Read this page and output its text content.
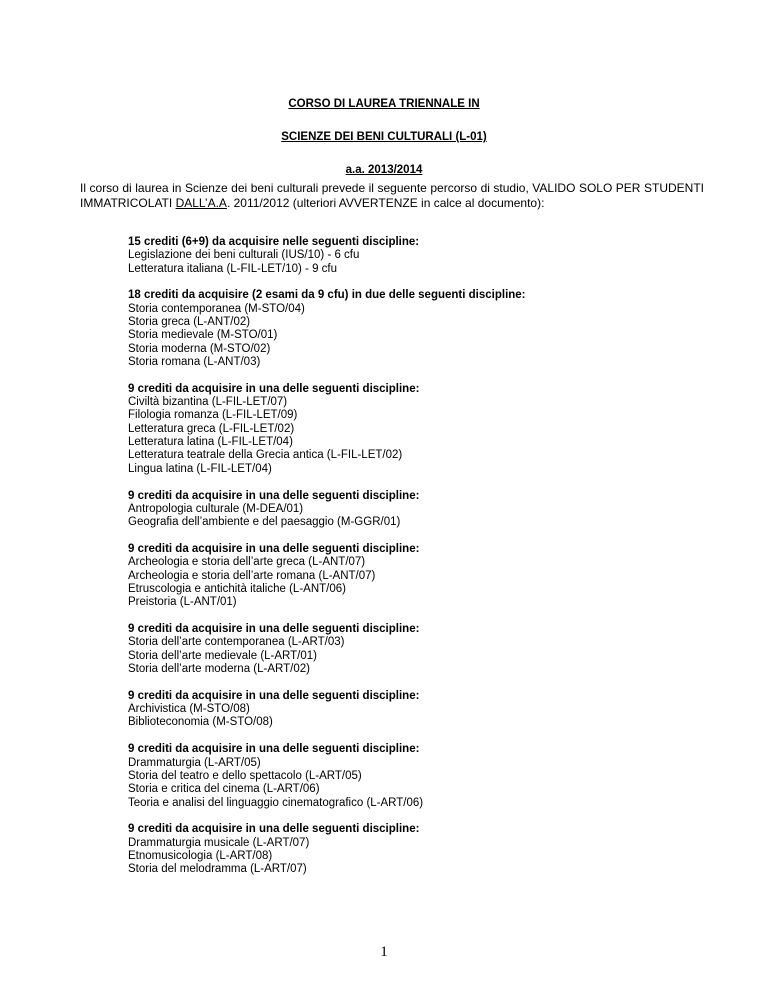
CORSO DI LAUREA TRIENNALE IN
SCIENZE DEI BENI CULTURALI (L-01)
a.a. 2013/2014
Il corso di laurea in Scienze dei beni culturali prevede il seguente percorso di studio, VALIDO SOLO PER STUDENTI IMMATRICOLATI DALL’A.A. 2011/2012 (ulteriori AVVERTENZE in calce al documento):
15 crediti (6+9) da acquisire nelle seguenti discipline:
Legislazione dei beni culturali (IUS/10) - 6 cfu
Letteratura italiana (L-FIL-LET/10) - 9 cfu
18 crediti da acquisire (2 esami da 9 cfu) in due delle seguenti discipline:
Storia contemporanea (M-STO/04)
Storia greca (L-ANT/02)
Storia medievale (M-STO/01)
Storia moderna (M-STO/02)
Storia romana (L-ANT/03)
9 crediti da acquisire in una delle seguenti discipline:
Civiltà bizantina (L-FIL-LET/07)
Filologia romanza (L-FIL-LET/09)
Letteratura greca (L-FIL-LET/02)
Letteratura latina (L-FIL-LET/04)
Letteratura teatrale della Grecia antica (L-FIL-LET/02)
Lingua latina (L-FIL-LET/04)
9 crediti da acquisire in una delle seguenti discipline:
Antropologia culturale (M-DEA/01)
Geografia dell’ambiente e del paesaggio (M-GGR/01)
9 crediti da acquisire in una delle seguenti discipline:
Archeologia e storia dell’arte greca (L-ANT/07)
Archeologia e storia dell’arte romana (L-ANT/07)
Etruscologia e antichità italiche (L-ANT/06)
Preistoria (L-ANT/01)
9 crediti da acquisire in una delle seguenti discipline:
Storia dell’arte contemporanea (L-ART/03)
Storia dell’arte medievale (L-ART/01)
Storia dell’arte moderna (L-ART/02)
9 crediti da acquisire in una delle seguenti discipline:
Archivistica (M-STO/08)
Biblioteconomia (M-STO/08)
9 crediti da acquisire in una delle seguenti discipline:
Drammaturgia (L-ART/05)
Storia del teatro e dello spettacolo (L-ART/05)
Storia e critica del cinema (L-ART/06)
Teoria e analisi del linguaggio cinematografico (L-ART/06)
9 crediti da acquisire in una delle seguenti discipline:
Drammaturgia musicale (L-ART/07)
Etnomusicologia (L-ART/08)
Storia del melodramma (L-ART/07)
1
